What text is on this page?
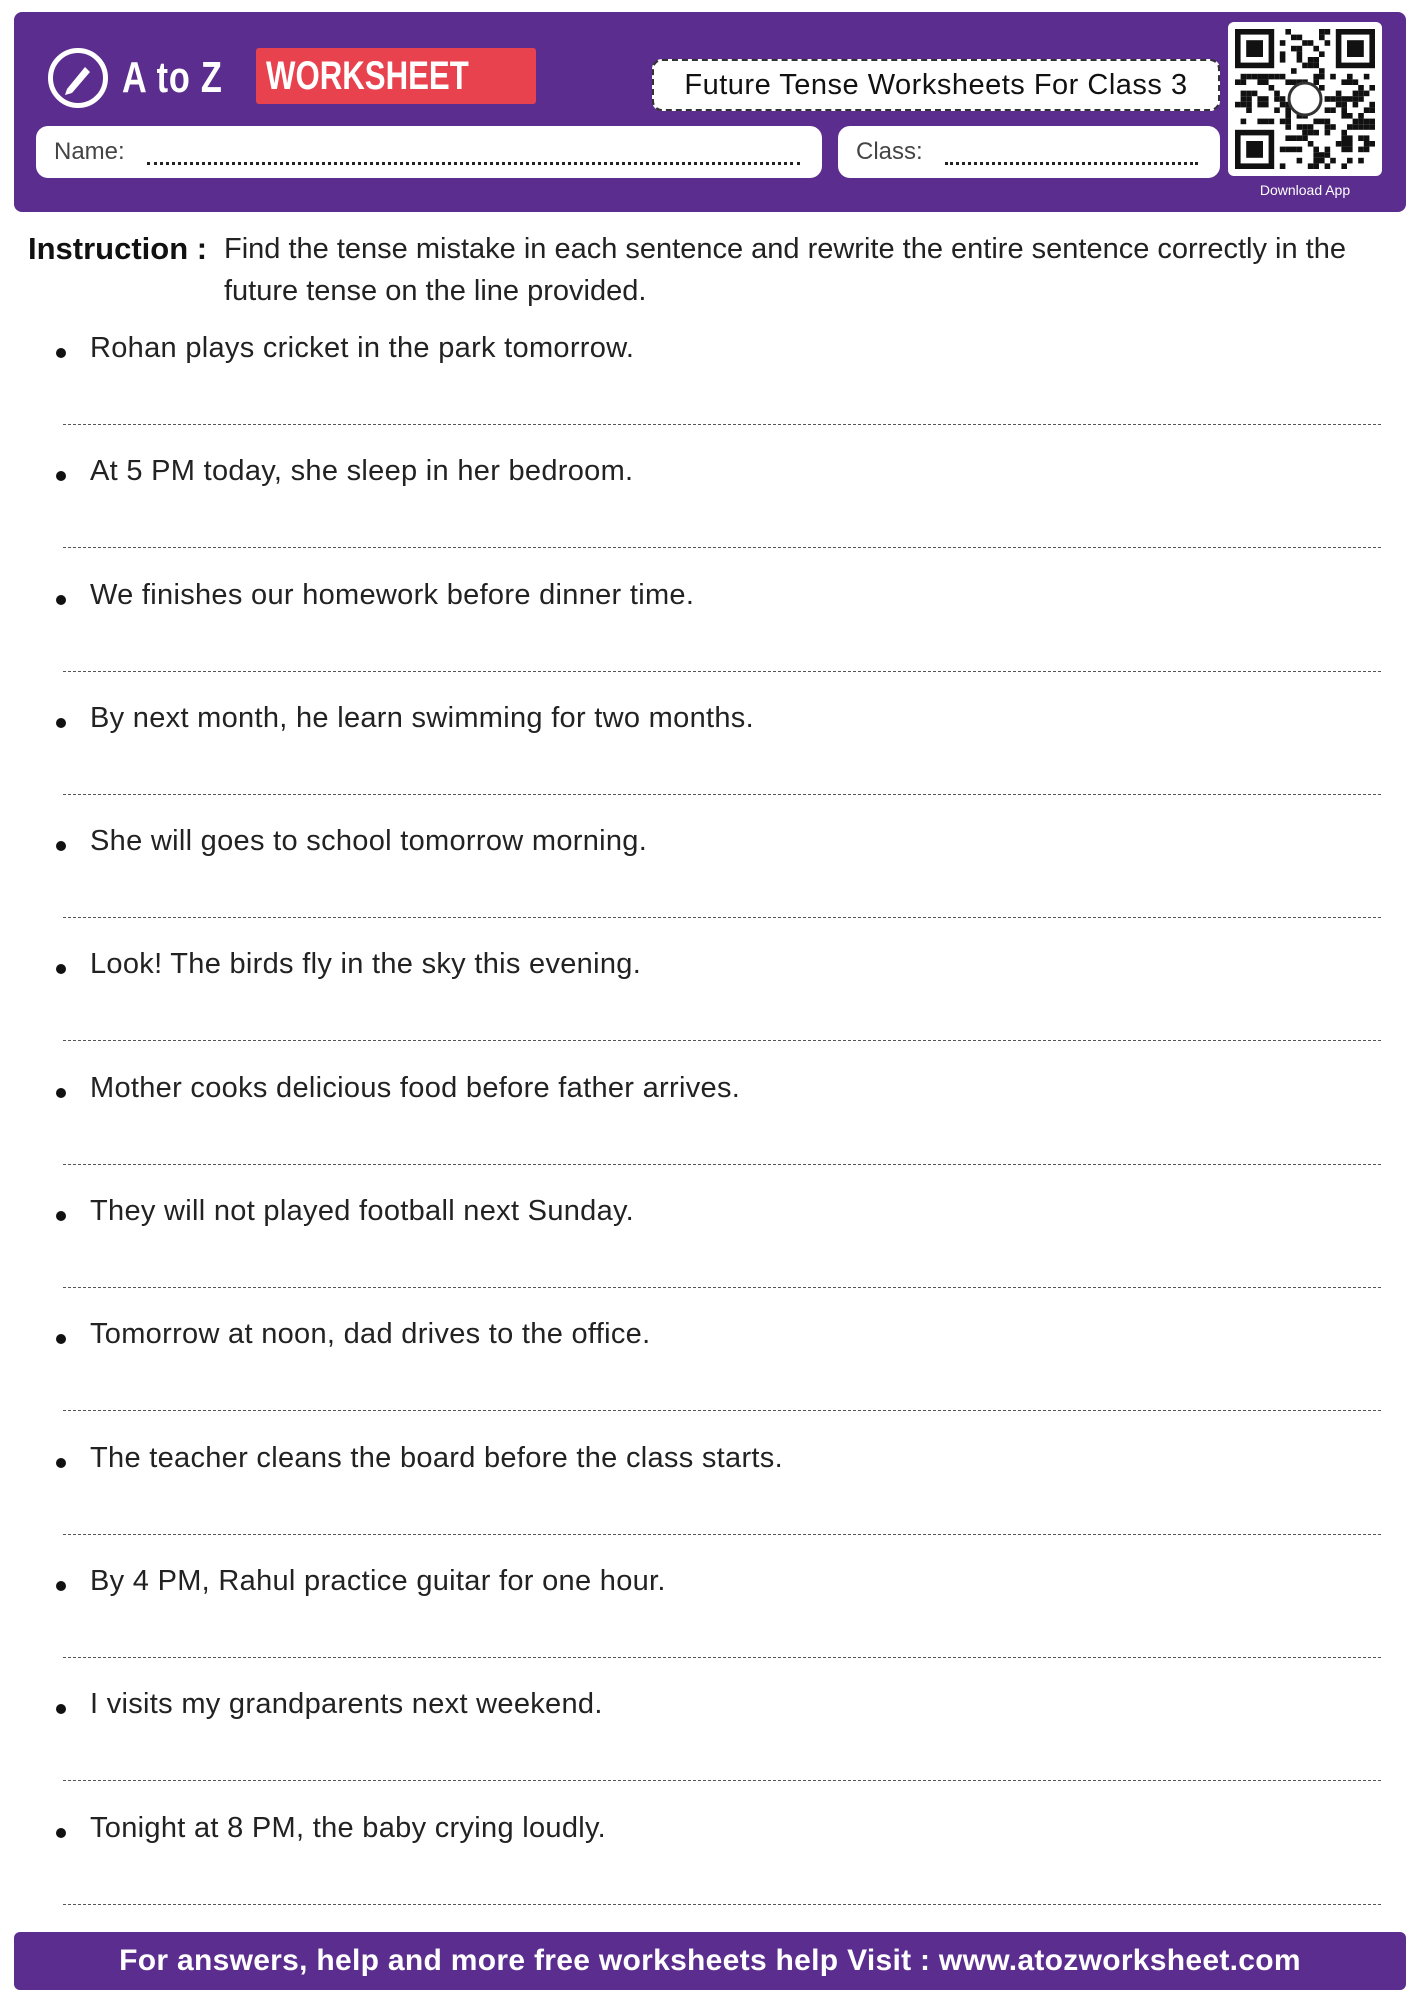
A to Z WORKSHEET	Future Tense Worksheets For Class 3
Name:	Class:
Download App
Instruction : Find the tense mistake in each sentence and rewrite the entire sentence correctly in the future tense on the line provided.
Rohan plays cricket in the park tomorrow.
At 5 PM today, she sleep in her bedroom.
We finishes our homework before dinner time.
By next month, he learn swimming for two months.
She will goes to school tomorrow morning.
Look! The birds fly in the sky this evening.
Mother cooks delicious food before father arrives.
They will not played football next Sunday.
Tomorrow at noon, dad drives to the office.
The teacher cleans the board before the class starts.
By 4 PM, Rahul practice guitar for one hour.
I visits my grandparents next weekend.
Tonight at 8 PM, the baby crying loudly.
For answers, help and more free worksheets help Visit : www.atozworksheet.com
